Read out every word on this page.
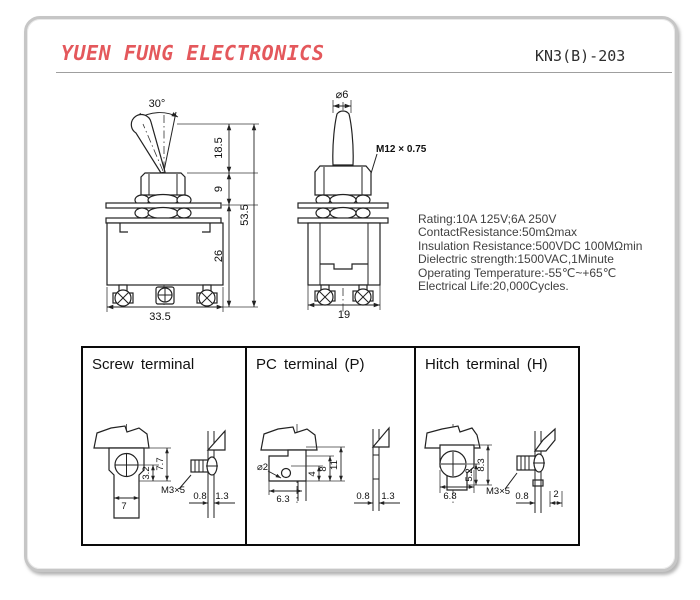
YUEN FUNG ELECTRONICS	KN3(B)-203
30°
33.5
18.5
9
26
53.5
⌀6
M12 × 0.75
19
Rating:10A 125V;6A 250V
ContactResistance:50mΩmax
Insulation Resistance:500VDC 100MΩmin
Dielectric strength:1500VAC,1Minute
Operating Temperature:-55℃~+65℃
Electrical Life:20,000Cycles.
Screw terminal
3.2
7.7
7
M3×5
0.8 1.3
PC terminal (P)
⌀2
4
8 11
6.3	0.8 1.3
Hitch terminal (H)
5.2
8.3
6.8	M3×5 0.8	2
